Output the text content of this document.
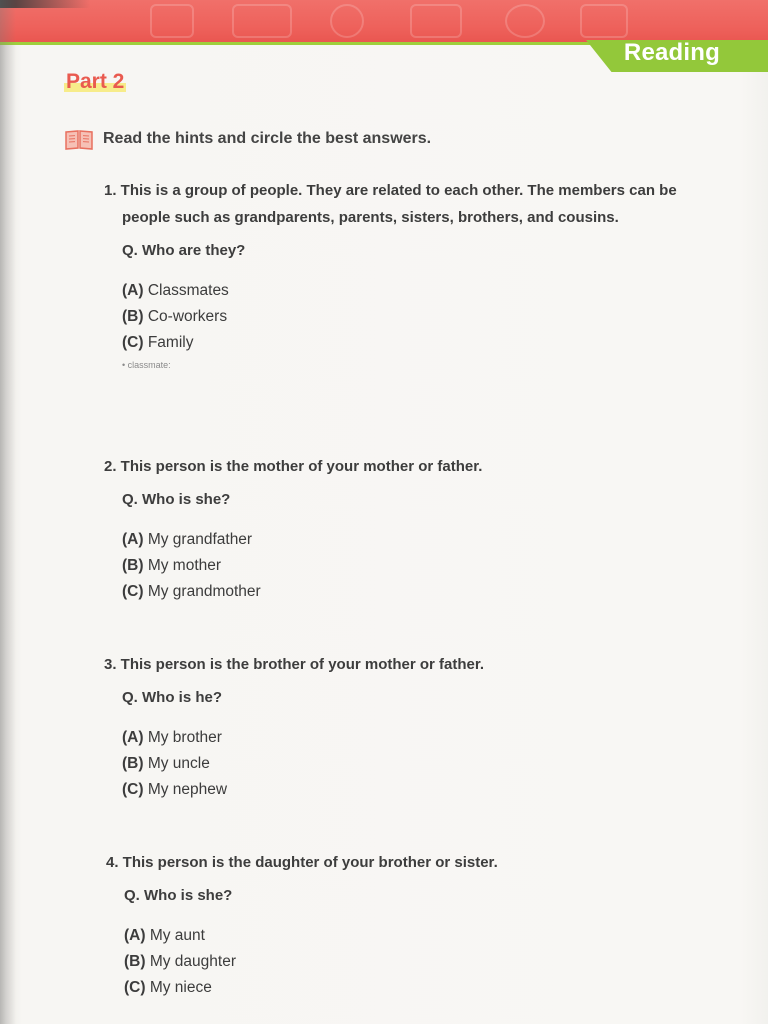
Reading
Part 2
Read the hints and circle the best answers.
1. This is a group of people. They are related to each other. The members can be people such as grandparents, parents, sisters, brothers, and cousins.
Q. Who are they?
(A) Classmates
(B) Co-workers
(C) Family
• classmate:
2. This person is the mother of your mother or father.
Q. Who is she?
(A) My grandfather
(B) My mother
(C) My grandmother
3. This person is the brother of your mother or father.
Q. Who is he?
(A) My brother
(B) My uncle
(C) My nephew
4. This person is the daughter of your brother or sister.
Q. Who is she?
(A) My aunt
(B) My daughter
(C) My niece
